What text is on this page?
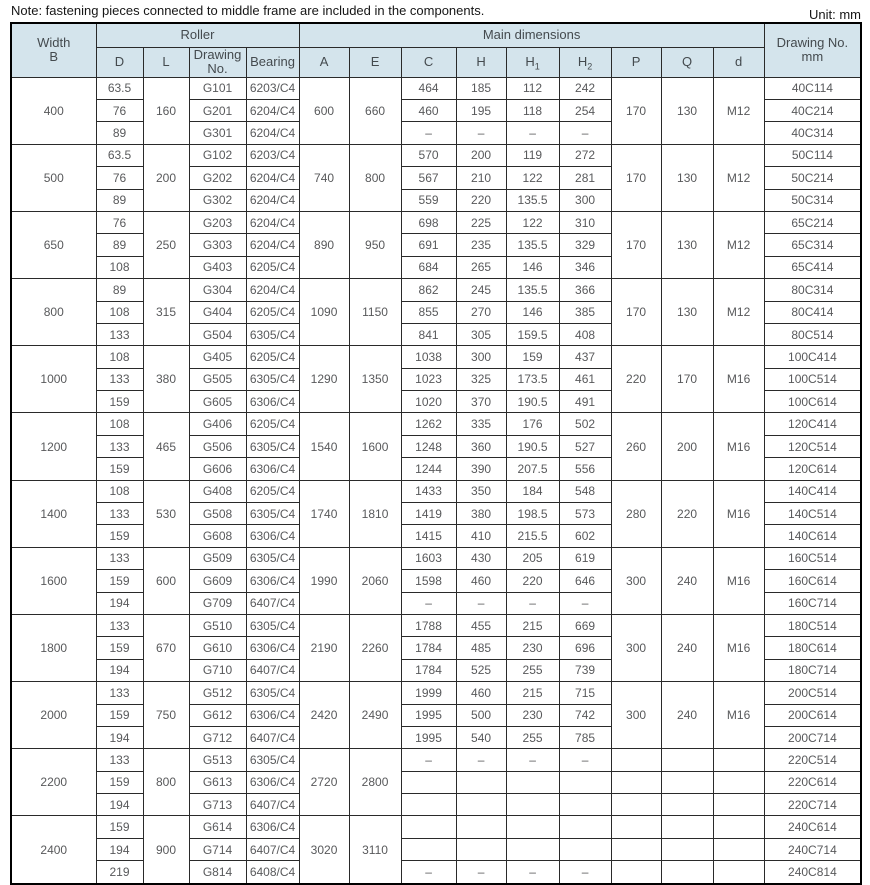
Note: fastening pieces connected to middle frame are included in the components.	Unit: mm
Width
B
	Roller	Main dimensions	
Drawing No.
mm

	D	L	Drawing
No.	Bearing	A	E	C	H	$H_1$	$H_2$	P	Q	d	
400	63.5	160	G101	6203/C4	600	660	464	185	112	242	170	130	M12	40C114
	76		G201	6204/C4			460	195	118	254				40C214
	89		G301	6204/C4			–	–	–	–				40C314
500	63.5	200	G102	6203/C4	740	800	570	200	119	272	170	130	M12	50C114
	76		G202	6204/C4			567	210	122	281				50C214
	89		G302	6204/C4			559	220	135.5	300				50C314
650	76	250	G203	6204/C4	890	950	698	225	122	310	170	130	M12	65C214
	89		G303	6204/C4			691	235	135.5	329				65C314
	108		G403	6205/C4			684	265	146	346				65C414
800	89	315	G304	6204/C4	1090	1150	862	245	135.5	366	170	130	M12	80C314
	108		G404	6205/C4			855	270	146	385				80C414
	133		G504	6305/C4			841	305	159.5	408				80C514
1000	108	380	G405	6205/C4	1290	1350	1038	300	159	437	220	170	M16	100C414
	133		G505	6305/C4			1023	325	173.5	461				100C514
	159		G605	6306/C4			1020	370	190.5	491				100C614
1200	108	465	G406	6205/C4	1540	1600	1262	335	176	502	260	200	M16	120C414
	133		G506	6305/C4			1248	360	190.5	527				120C514
	159		G606	6306/C4			1244	390	207.5	556				120C614
1400	108	530	G408	6205/C4	1740	1810	1433	350	184	548	280	220	M16	140C414
	133		G508	6305/C4			1419	380	198.5	573				140C514
	159		G608	6306/C4			1415	410	215.5	602				140C614
1600	133	600	G509	6305/C4	1990	2060	1603	430	205	619	300	240	M16	160C514
	159		G609	6306/C4			1598	460	220	646				160C614
	194		G709	6407/C4			–	–	–	–				160C714
1800	133	670	G510	6305/C4	2190	2260	1788	455	215	669	300	240	M16	180C514
	159		G610	6306/C4			1784	485	230	696				180C614
	194		G710	6407/C4			1784	525	255	739				180C714
2000	133	750	G512	6305/C4	2420	2490	1999	460	215	715	300	240	M16	200C514
	159		G612	6306/C4			1995	500	230	742				200C614
	194		G712	6407/C4			1995	540	255	785				200C714
2200	133	800	G513	6305/C4	2720	2800	–	–	–	–				220C514
	159		G613	6306/C4										220C614
	194		G713	6407/C4										220C714
2400	159	900	G614	6306/C4	3020	3110								240C614
	194		G714	6407/C4										240C714
	219		G814	6408/C4			–	–	–	–				240C814
